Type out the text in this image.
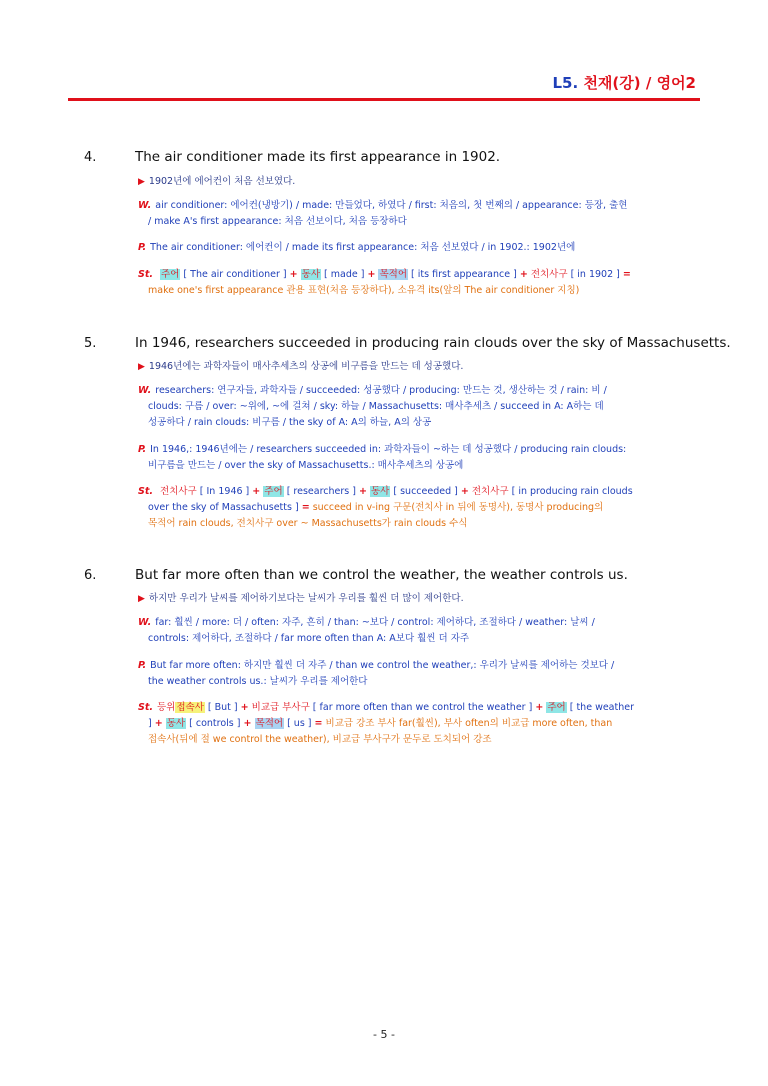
L5. 천재(강) / 영어2
4.	The air conditioner made its first appearance in 1902.
▶ 1902년에 에어컨이 처음 선보였다.
W. air conditioner: 에어컨(냉방기) / made: 만들었다, 하였다 / first: 처음의, 첫 번째의 / appearance: 등장, 출현
/ make A's first appearance: 처음 선보이다, 처음 등장하다
P. The air conditioner: 에어컨이 / made its first appearance: 처음 선보였다 / in 1902.: 1902년에
St. 주어 [ The air conditioner ] + 동사 [ made ] + 목적어 [ its first appearance ] + 전치사구 [ in 1902 ] =
make one's first appearance 관용 표현(처음 등장하다), 소유격 its(앞의 The air conditioner 지칭)
5.	In 1946, researchers succeeded in producing rain clouds over the sky of Massachusetts.
▶ 1946년에는 과학자들이 매사추세츠의 상공에 비구름을 만드는 데 성공했다.
W. researchers: 연구자들, 과학자들 / succeeded: 성공했다 / producing: 만드는 것, 생산하는 것 / rain: 비 /
clouds: 구름 / over: ~위에, ~에 걸쳐 / sky: 하늘 / Massachusetts: 매사추세츠 / succeed in A: A하는 데
성공하다 / rain clouds: 비구름 / the sky of A: A의 하늘, A의 상공
P. In 1946,: 1946년에는 / researchers succeeded in: 과학자들이 ~하는 데 성공했다 / producing rain clouds:
비구름을 만드는 / over the sky of Massachusetts.: 매사추세츠의 상공에
St. 전치사구 [ In 1946 ] + 주어 [ researchers ] + 동사 [ succeeded ] + 전치사구 [ in producing rain clouds
over the sky of Massachusetts ] = succeed in v-ing 구문(전치사 in 뒤에 동명사), 동명사 producing의
목적어 rain clouds, 전치사구 over ~ Massachusetts가 rain clouds 수식
6.	But far more often than we control the weather, the weather controls us.
▶ 하지만 우리가 날씨를 제어하기보다는 날씨가 우리를 훨씬 더 많이 제어한다.
W. far: 훨씬 / more: 더 / often: 자주, 흔히 / than: ~보다 / control: 제어하다, 조절하다 / weather: 날씨 /
controls: 제어하다, 조절하다 / far more often than A: A보다 훨씬 더 자주
P. But far more often: 하지만 훨씬 더 자주 / than we control the weather,: 우리가 날씨를 제어하는 것보다 /
the weather controls us.: 날씨가 우리를 제어한다
St. 등위접속사 [ But ] + 비교급 부사구 [ far more often than we control the weather ] + 주어 [ the weather
] + 동사 [ controls ] + 목적어 [ us ] = 비교급 강조 부사 far(훨씬), 부사 often의 비교급 more often, than
접속사(뒤에 절 we control the weather), 비교급 부사구가 문두로 도치되어 강조
- 5 -
